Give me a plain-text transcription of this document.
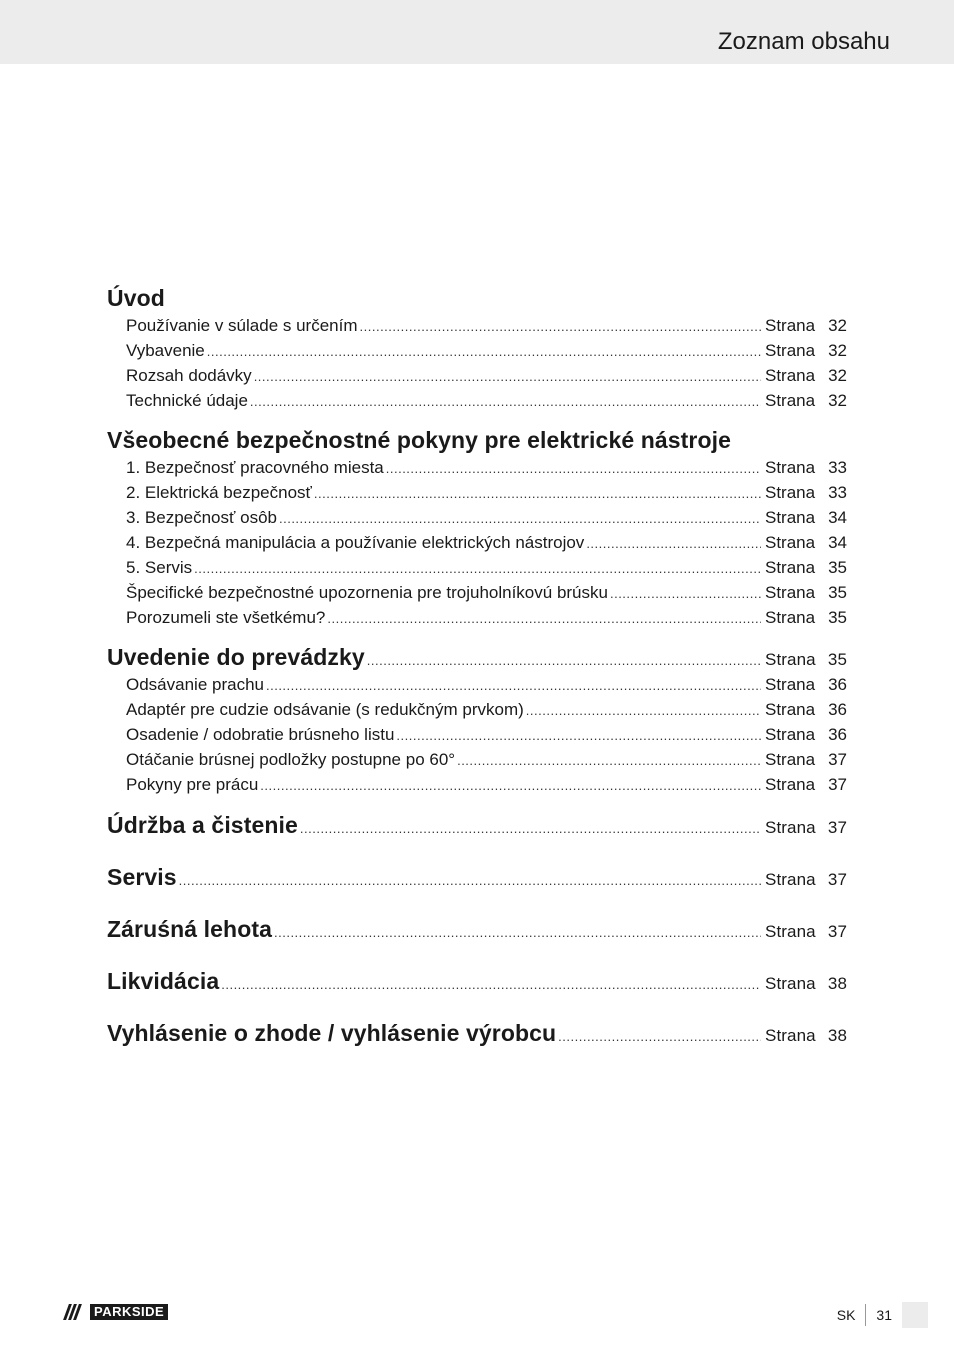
Zoznam obsahu
Úvod
Používanie v súlade s určením .....	Strana 32
Vybavenie .....	Strana 32
Rozsah dodávky .....	Strana 32
Technické údaje .....	Strana 32
Všeobecné bezpečnostné pokyny pre elektrické nástroje
1. Bezpečnosť pracovného miesta .....	Strana 33
2. Elektrická bezpečnosť .....	Strana 33
3. Bezpečnosť osôb .....	Strana 34
4. Bezpečná manipulácia a používanie elektrických nástrojov .....	Strana 34
5. Servis .....	Strana 35
Špecifické bezpečnostné upozornenia pre trojuholníkovú brúsku .....	Strana 35
Porozumeli ste všetkému? .....	Strana 35
Uvedenie do prevádzky .....	Strana 35
Odsávanie prachu .....	Strana 36
Adaptér pre cudzie odsávanie (s redukčným prvkom) .....	Strana 36
Osadenie / odobratie brúsneho listu .....	Strana 36
Otáčanie brúsnej podložky postupne po 60° .....	Strana 37
Pokyny pre prácu .....	Strana 37
Údržba a čistenie .....	Strana 37
Servis .....	Strana 37
Záruśná lehota .....	Strana 37
Likvidácia .....	Strana 38
Vyhlásenie o zhode / vyhlásenie výrobcu .....	Strana 38
PARKSIDE	SK	31
